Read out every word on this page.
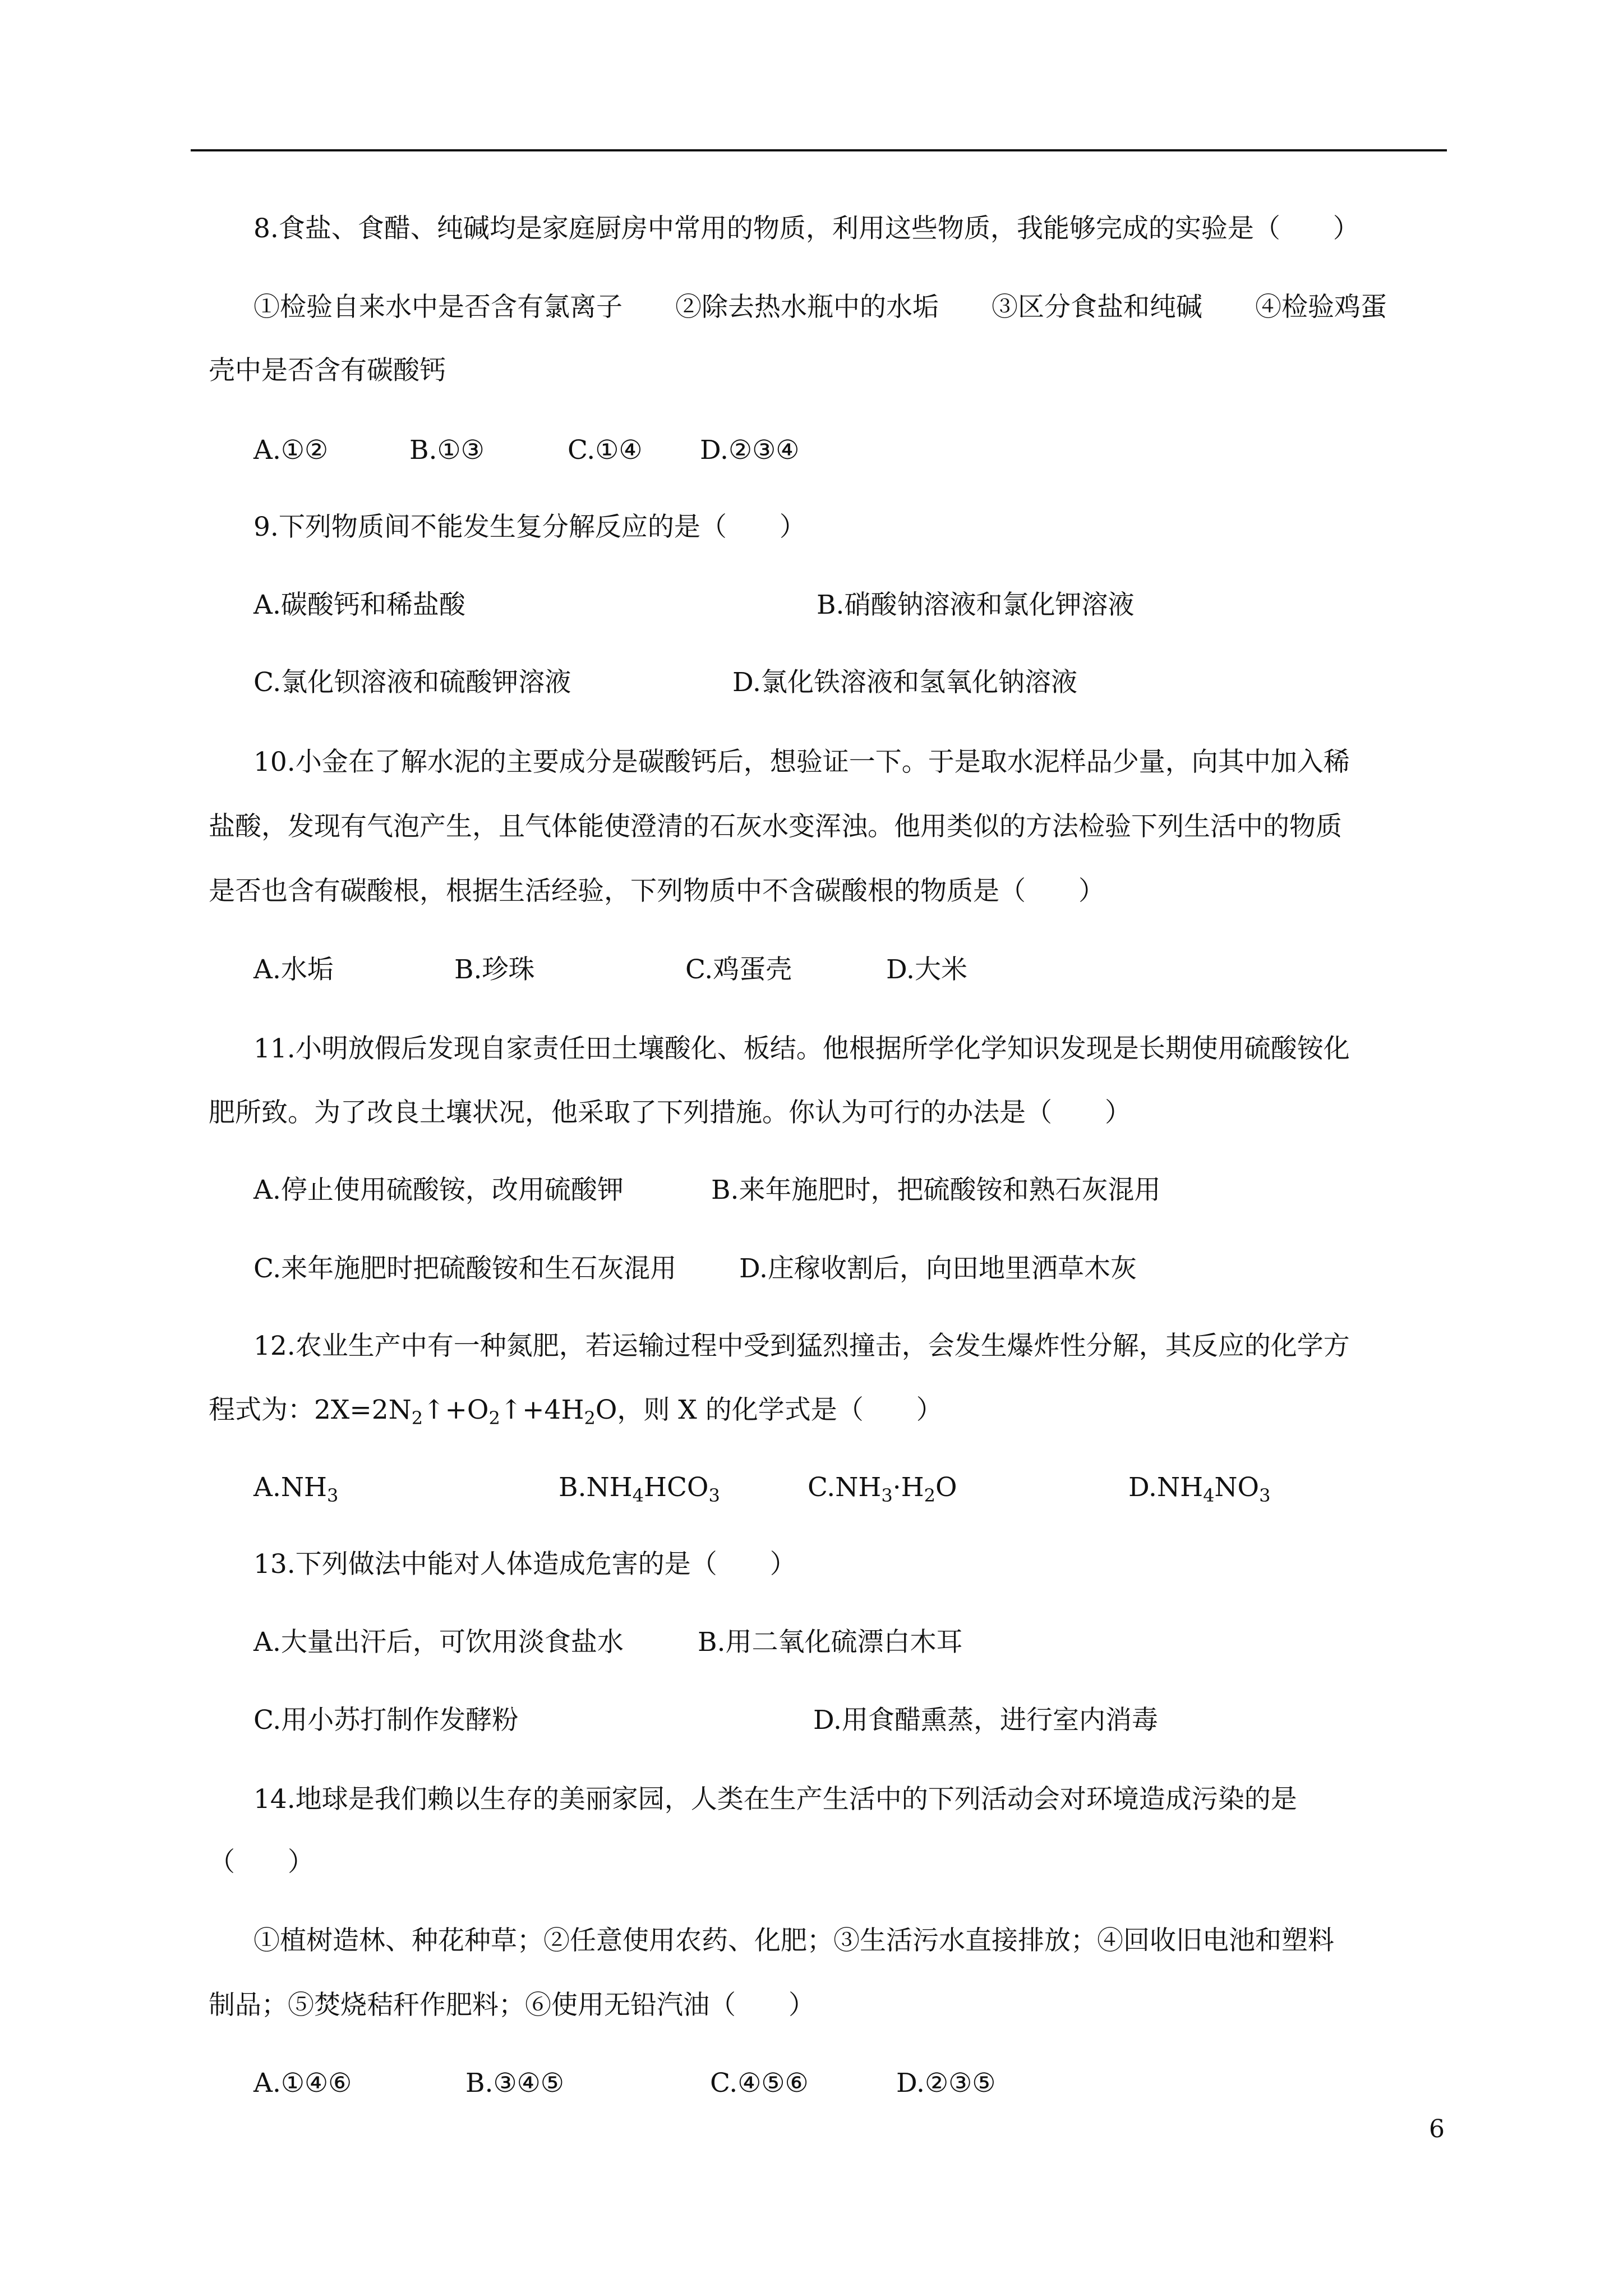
8.食盐、食醋、纯碱均是家庭厨房中常用的物质，利用这些物质，我能够完成的实验是（　　）
①检验自来水中是否含有氯离子　　②除去热水瓶中的水垢　　③区分食盐和纯碱　　④检验鸡蛋
壳中是否含有碳酸钙
A.①②	B.①③	C.①④ D.②③④
9.下列物质间不能发生复分解反应的是（　　）
A.碳酸钙和稀盐酸	B.硝酸钠溶液和氯化钾溶液
C.氯化钡溶液和硫酸钾溶液	D.氯化铁溶液和氢氧化钠溶液
10.小金在了解水泥的主要成分是碳酸钙后，想验证一下。于是取水泥样品少量，向其中加入稀
盐酸，发现有气泡产生，且气体能使澄清的石灰水变浑浊。他用类似的方法检验下列生活中的物质
是否也含有碳酸根，根据生活经验，下列物质中不含碳酸根的物质是（　　）
A.水垢	B.珍珠	C.鸡蛋壳	D.大米
11.小明放假后发现自家责任田土壤酸化、板结。他根据所学化学知识发现是长期使用硫酸铵化
肥所致。为了改良土壤状况，他采取了下列措施。你认为可行的办法是（　　）
A.停止使用硫酸铵，改用硫酸钾	B.来年施肥时，把硫酸铵和熟石灰混用
C.来年施肥时把硫酸铵和生石灰混用 D.庄稼收割后，向田地里洒草木灰
12.农业生产中有一种氮肥，若运输过程中受到猛烈撞击，会发生爆炸性分解，其反应的化学方
程式为：$2X=2N_2↑+O_2↑+4H_2O$，则 X 的化学式是（　　）
$A.NH_3$	$B.NH_4HCO_3$	$C.NH_3\cdot H_2O$	$D.NH_4NO_3$
13.下列做法中能对人体造成危害的是（　　）
A.大量出汗后，可饮用淡食盐水	B.用二氧化硫漂白木耳
C.用小苏打制作发酵粉	D.用食醋熏蒸，进行室内消毒
14.地球是我们赖以生存的美丽家园，人类在生产生活中的下列活动会对环境造成污染的是
（　　）
①植树造林、种花种草；②任意使用农药、化肥；③生活污水直接排放；④回收旧电池和塑料
制品；⑤焚烧秸秆作肥料；⑥使用无铅汽油（　　）
A.①④⑥	B.③④⑤	C.④⑤⑥	D.②③⑤
6
